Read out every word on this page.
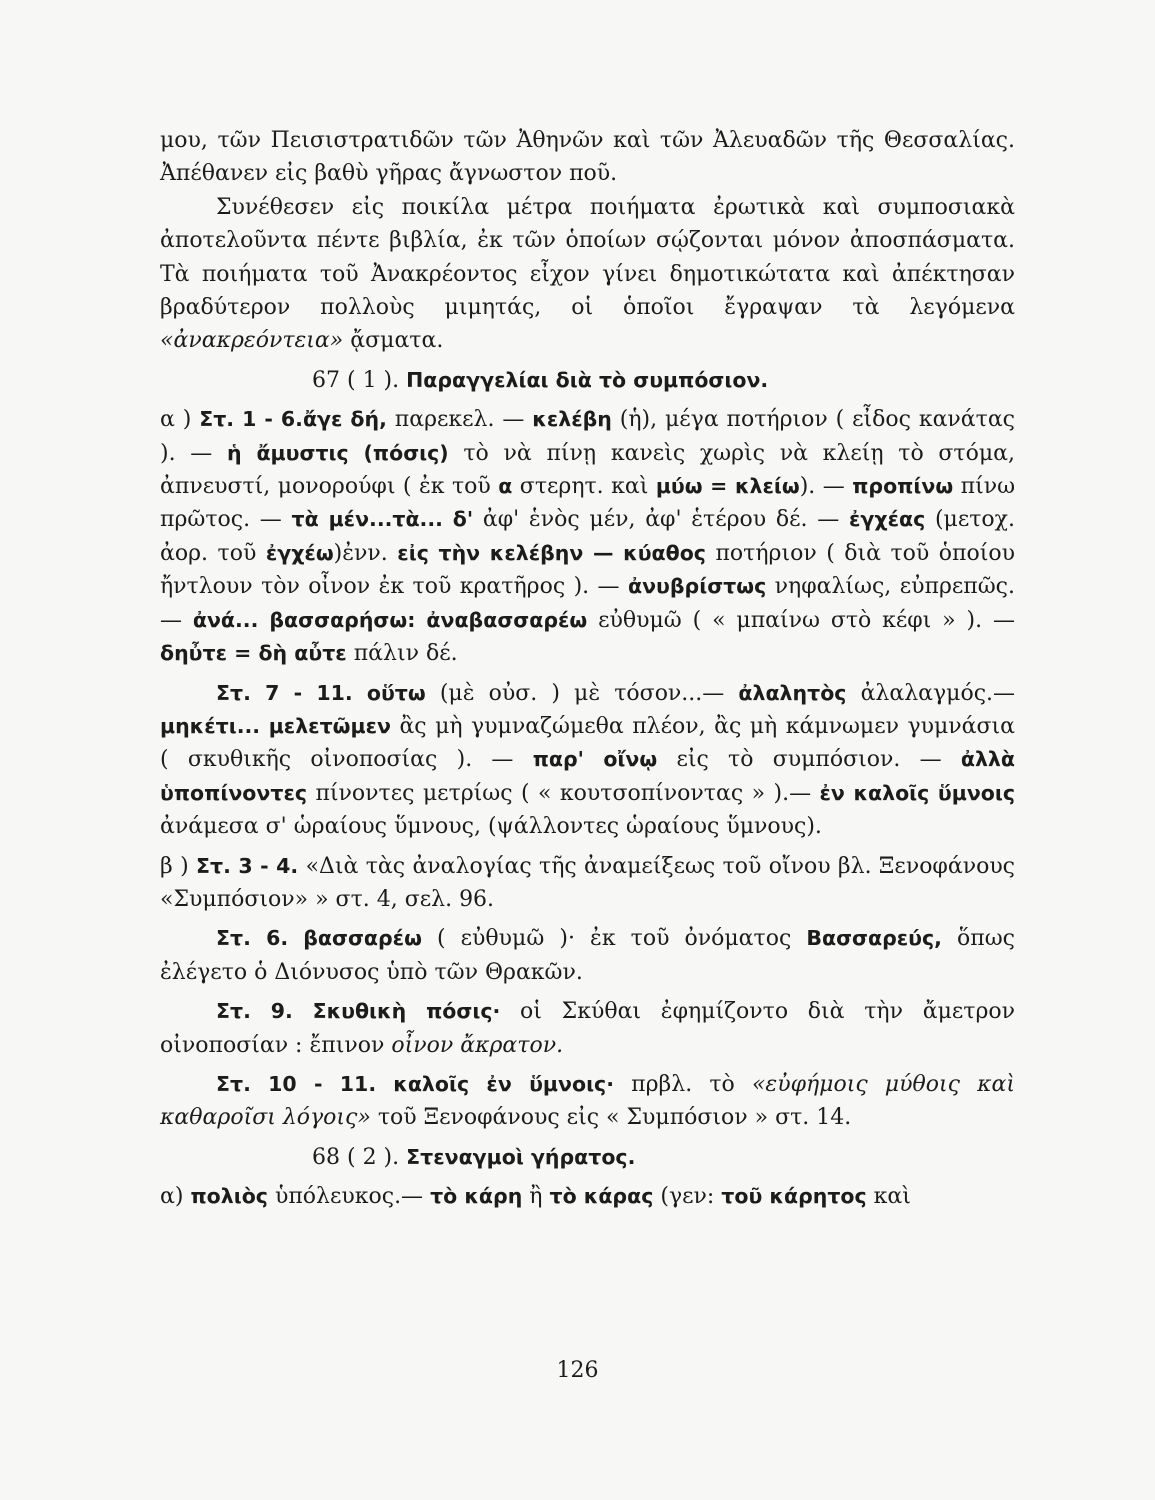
μου, τῶν Πεισιστρατιδῶν τῶν Ἀθηνῶν καὶ τῶν Ἀλευαδῶν τῆς Θεσσαλίας. Ἀπέθανεν εἰς βαθὺ γῆρας ἄγνωστον ποῦ.

Συνέθεσεν εἰς ποικίλα μέτρα ποιήματα ἐρωτικὰ καὶ συμποσιακὰ ἀποτελοῦντα πέντε βιβλία, ἐκ τῶν ὁποίων σῴζονται μόνον ἀποσπάσματα. Τὰ ποιήματα τοῦ Ἀνακρέοντος εἶχον γίνει δημοτικώτατα καὶ ἀπέκτησαν βραδύτερον πολλοὺς μιμητάς, οἱ ὁποῖοι ἔγραψαν τὰ λεγόμενα «ἀνακρεόντεια» ᾄσματα.

67 ( 1 ). Παραγγελίαι διὰ τὸ συμπόσιον.

α ) Στ. 1 - 6.ἄγε δή, παρεκελ. — κελέβη (ἡ), μέγα ποτήριον ( εἶδος κανάτας ). — ἡ ἄμυστις (πόσις) τὸ νὰ πίνῃ κανεὶς χωρὶς νὰ κλείῃ τὸ στόμα, ἀπνευστί, μονορούφι ( ἐκ τοῦ α στερητ. καὶ μύω = κλείω). — προπίνω πίνω πρῶτος. — τὰ μέν...τὰ... δ' ἀφ' ἑνὸς μέν, ἀφ' ἑτέρου δέ. — ἐγχέας (μετοχ. ἀορ. τοῦ ἐγχέω)ἐνν. εἰς τὴν κελέβην — κύαθος ποτήριον ( διὰ τοῦ ὁποίου ἤντλουν τὸν οἶνον ἐκ τοῦ κρατῆρος ). — ἀνυβρίστως νηφαλίως, εὐπρεπῶς. — ἀνά... βασσαρήσω: ἀναβασσαρέω εὐθυμῶ ( « μπαίνω στὸ κέφι » ). — δηὖτε = δὴ αὖτε πάλιν δέ.

Στ. 7 - 11. οὕτω (μὲ οὐσ. ) μὲ τόσον...— ἀλαλητὸς ἀλαλαγμός.— μηκέτι... μελετῶμεν ἂς μὴ γυμναζώμεθα πλέον, ἂς μὴ κάμνωμεν γυμνάσια ( σκυθικῆς οἰνοποσίας ). — παρ' οἴνῳ εἰς τὸ συμπόσιον. — ἀλλὰ ὑποπίνοντες πίνοντες μετρίως ( « κουτσοπίνοντας » ).— ἐν καλοῖς ὕμνοις ἀνάμεσα σ' ὡραίους ὕμνους, (ψάλλοντες ὡραίους ὕμνους).

β ) Στ. 3 - 4. «Διὰ τὰς ἀναλογίας τῆς ἀναμείξεως τοῦ οἴνου βλ. Ξενοφάνους «Συμπόσιον» » στ. 4, σελ. 96.

Στ. 6. βασσαρέω ( εὐθυμῶ )· ἐκ τοῦ ὀνόματος Βασσαρεύς, ὅπως ἐλέγετο ὁ Διόνυσος ὑπὸ τῶν Θρακῶν.

Στ. 9. Σκυθικὴ πόσις· οἱ Σκύθαι ἐφημίζοντο διὰ τὴν ἄμετρον οἰνοποσίαν : ἔπινον οἶνον ἄκρατον.

Στ. 10 - 11. καλοῖς ἐν ὕμνοις· πρβλ. τὸ «εὐφήμοις μύθοις καὶ καθαροῖσι λόγοις» τοῦ Ξενοφάνους εἰς « Συμπόσιον » στ. 14.

68 ( 2 ). Στεναγμοὶ γήρατος.

α) πολιὸς ὑπόλευκος.— τὸ κάρη ἢ τὸ κάρας (γεν: τοῦ κάρητος καὶ

126
